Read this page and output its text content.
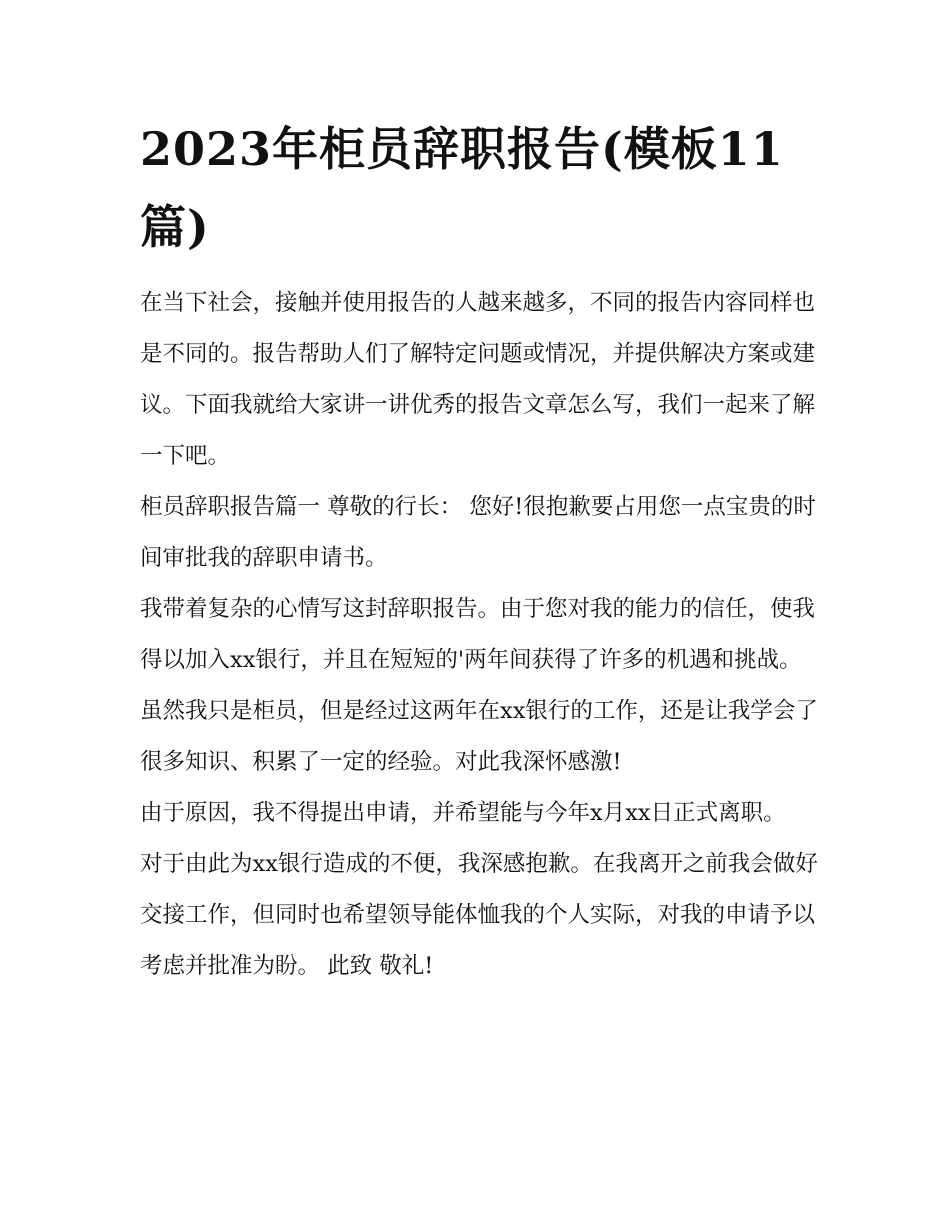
2023年柜员辞职报告(模板11篇)

在当下社会，接触并使用报告的人越来越多，不同的报告内容同样也是不同的。报告帮助人们了解特定问题或情况，并提供解决方案或建议。下面我就给大家讲一讲优秀的报告文章怎么写，我们一起来了解一下吧。

柜员辞职报告篇一 尊敬的行长： 您好!很抱歉要占用您一点宝贵的时间审批我的辞职申请书。

我带着复杂的心情写这封辞职报告。由于您对我的能力的信任，使我得以加入xx银行，并且在短短的'两年间获得了许多的机遇和挑战。虽然我只是柜员，但是经过这两年在xx银行的工作，还是让我学会了很多知识、积累了一定的经验。对此我深怀感激!

由于原因，我不得提出申请，并希望能与今年x月xx日正式离职。

对于由此为xx银行造成的不便，我深感抱歉。在我离开之前我会做好交接工作，但同时也希望领导能体恤我的个人实际，对我的申请予以考虑并批准为盼。 此致 敬礼!
